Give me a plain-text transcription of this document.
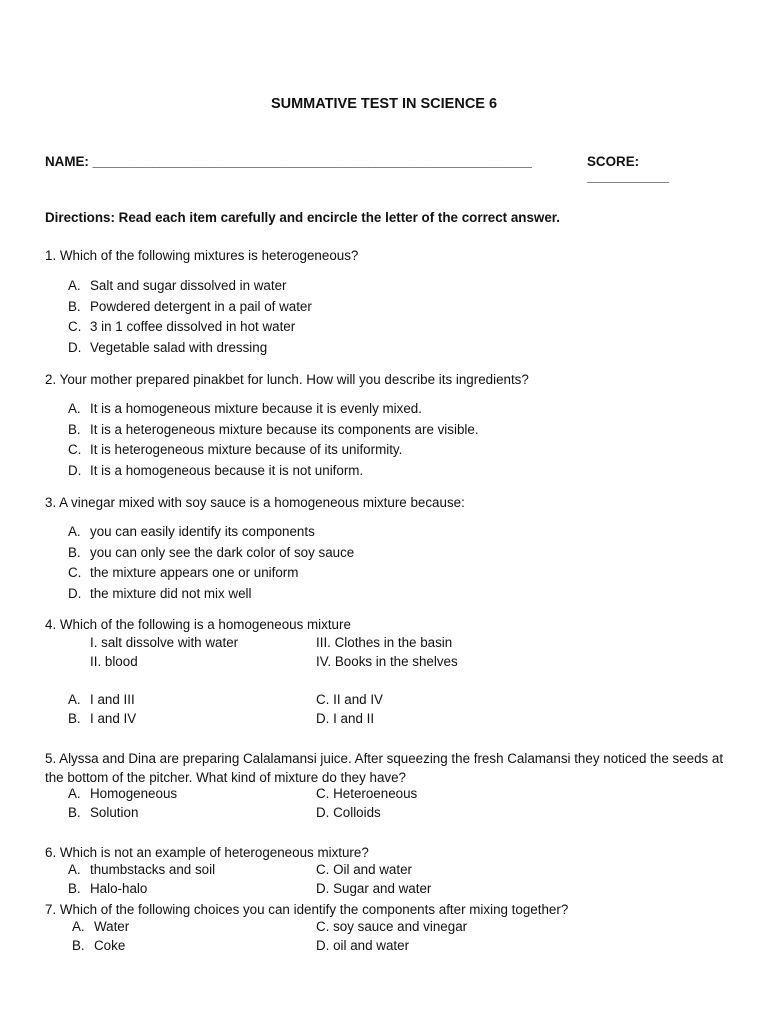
SUMMATIVE TEST IN SCIENCE 6
NAME: ___________________________________________________________	SCORE: ___________
Directions: Read each item carefully and encircle the letter of the correct answer.
1. Which of the following mixtures is heterogeneous?
A. Salt and sugar dissolved in water
B. Powdered detergent in a pail of water
C. 3 in 1 coffee dissolved in hot water
D. Vegetable salad with dressing
2. Your mother prepared pinakbet for lunch. How will you describe its ingredients?
A. It is a homogeneous mixture because it is evenly mixed.
B. It is a heterogeneous mixture because its components are visible.
C. It is heterogeneous mixture because of its uniformity.
D. It is a homogeneous because it is not uniform.
3. A vinegar mixed with soy sauce is a homogeneous mixture because:
A. you can easily identify its components
B. you can only see the dark color of soy sauce
C. the mixture appears one or uniform
D. the mixture did not mix well
4. Which of the following is a homogeneous mixture
I. salt dissolve with water	III. Clothes in the basin
II. blood	IV. Books in the shelves
A. I and III	C. II and IV
B. I and IV	D. I and II
5. Alyssa and Dina are preparing Calalamansi juice. After squeezing the fresh Calamansi they noticed the seeds at the bottom of the pitcher. What kind of mixture do they have?
A. Homogeneous	C. Heteroeneous
B. Solution	D. Colloids
6. Which is not an example of heterogeneous mixture?
A. thumbstacks and soil	C. Oil and water
B. Halo-halo	D. Sugar and water
7. Which of the following choices you can identify the components after mixing together?
A. Water	C. soy sauce and vinegar
B. Coke	D. oil and water
